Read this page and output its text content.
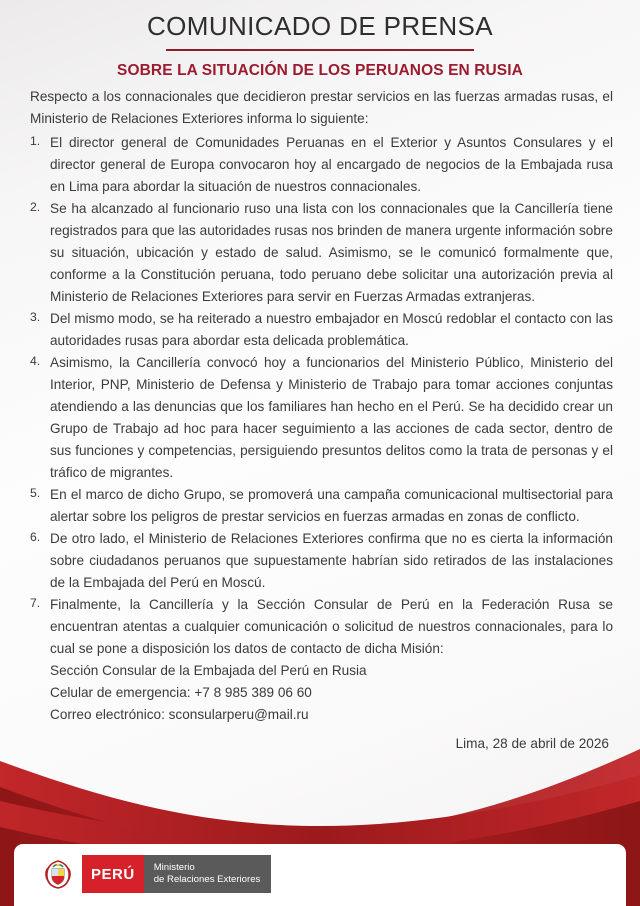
COMUNICADO DE PRENSA

SOBRE LA SITUACIÓN DE LOS PERUANOS EN RUSIA

Respecto a los connacionales que decidieron prestar servicios en las fuerzas armadas rusas, el Ministerio de Relaciones Exteriores informa lo siguiente:

1. El director general de Comunidades Peruanas en el Exterior y Asuntos Consulares y el director general de Europa convocaron hoy al encargado de negocios de la Embajada rusa en Lima para abordar la situación de nuestros connacionales.
2. Se ha alcanzado al funcionario ruso una lista con los connacionales que la Cancillería tiene registrados para que las autoridades rusas nos brinden de manera urgente información sobre su situación, ubicación y estado de salud. Asimismo, se le comunicó formalmente que, conforme a la Constitución peruana, todo peruano debe solicitar una autorización previa al Ministerio de Relaciones Exteriores para servir en Fuerzas Armadas extranjeras.
3. Del mismo modo, se ha reiterado a nuestro embajador en Moscú redoblar el contacto con las autoridades rusas para abordar esta delicada problemática.
4. Asimismo, la Cancillería convocó hoy a funcionarios del Ministerio Público, Ministerio del Interior, PNP, Ministerio de Defensa y Ministerio de Trabajo para tomar acciones conjuntas atendiendo a las denuncias que los familiares han hecho en el Perú. Se ha decidido crear un Grupo de Trabajo ad hoc para hacer seguimiento a las acciones de cada sector, dentro de sus funciones y competencias, persiguiendo presuntos delitos como la trata de personas y el tráfico de migrantes.
5. En el marco de dicho Grupo, se promoverá una campaña comunicacional multisectorial para alertar sobre los peligros de prestar servicios en fuerzas armadas en zonas de conflicto.
6. De otro lado, el Ministerio de Relaciones Exteriores confirma que no es cierta la información sobre ciudadanos peruanos que supuestamente habrían sido retirados de las instalaciones de la Embajada del Perú en Moscú.
7. Finalmente, la Cancillería y la Sección Consular de Perú en la Federación Rusa se encuentran atentas a cualquier comunicación o solicitud de nuestros connacionales, para lo cual se pone a disposición los datos de contacto de dicha Misión:
Sección Consular de la Embajada del Perú en Rusia
Celular de emergencia: +7 8 985 389 06 60
Correo electrónico: sconsularperu@mail.ru
Lima, 28 de abril de 2026
PERÚ	Ministerio
de Relaciones Exteriores
